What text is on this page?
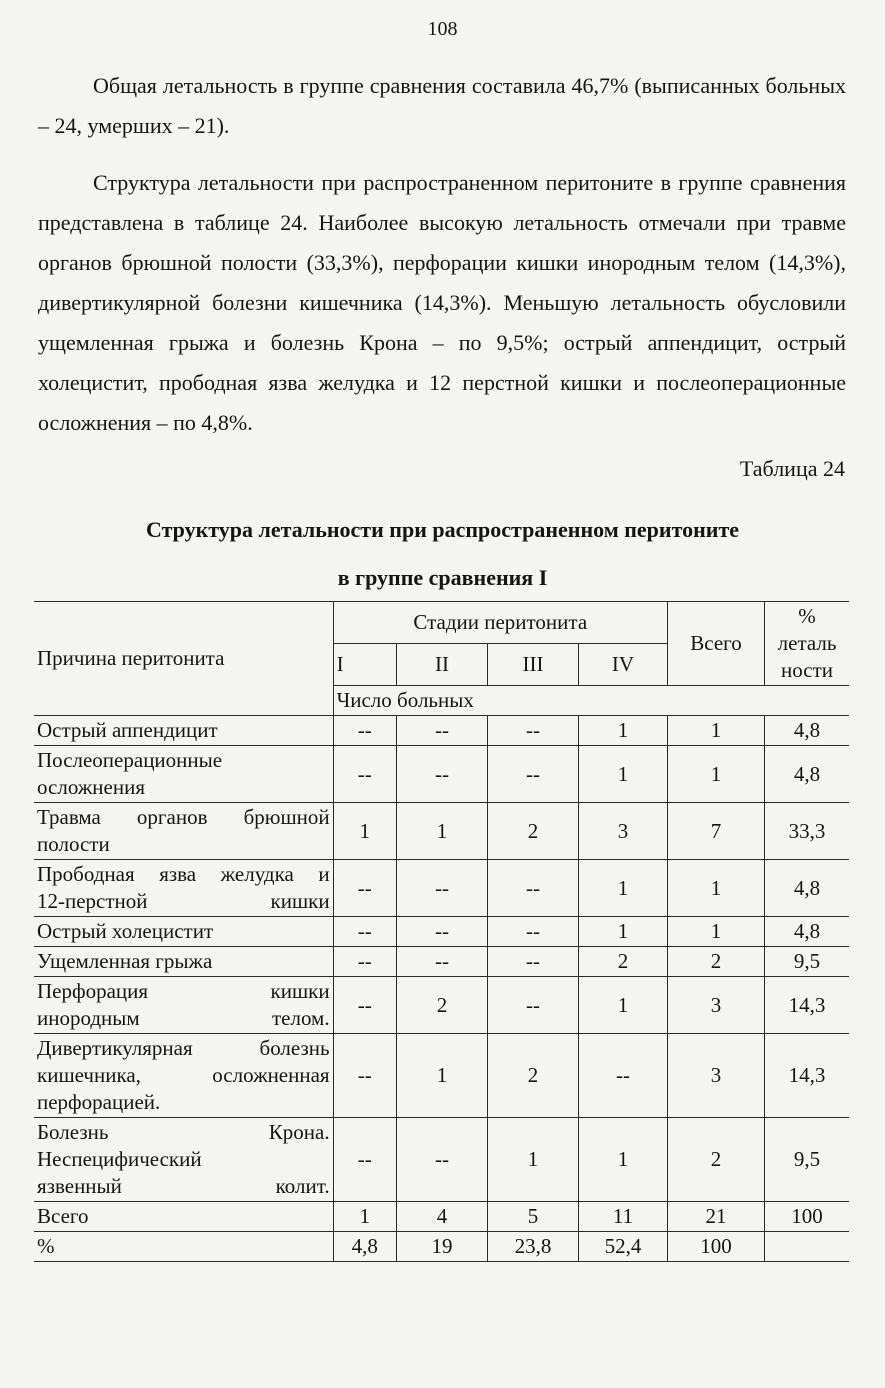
108

Общая летальность в группе сравнения составила 46,7% (выписанных больных – 24, умерших – 21).

Структура летальности при распространенном перитоните в группе сравнения представлена в таблице 24. Наиболее высокую летальность отмечали при травме органов брюшной полости (33,3%), перфорации кишки инородным телом (14,3%), дивертикулярной болезни кишечника (14,3%). Меньшую летальность обусловили ущемленная грыжа и болезнь Крона – по 9,5%; острый аппендицит, острый холецистит, прободная язва желудка и 12 перстной кишки и послеоперационные осложнения – по 4,8%.

Таблица 24
Структура летальности при распространенном перитоните
в группе сравнения I
Причина перитонита	Стадии перитонита				Всего	%
леталь
ности
	I	II	III	IV		
	Число больных					

Острый аппендицит	--	--	--	1	1	4,8

Послеоперационные
осложнения	--	--	--	1	1	4,8

Травма органов брюшной
полости	1	1	2	3	7	33,3

Прободная язва желудка и
12-перстной кишки	--	--	--	1	1	4,8

Острый холецистит	--	--	--	1	1	4,8

Ущемленная грыжа	--	--	--	2	2	9,5

Перфорация кишки
инородным телом.	--	2	--	1	3	14,3

Дивертикулярная болезнь
кишечника, осложненная
перфорацией.	--	1	2	--	3	14,3

Болезнь Крона.
Неспецифический
язвенный колит.	--	--	1	1	2	9,5

Всего	1	4	5	11	21	100

%	4,8	19	23,8	52,4	100	
